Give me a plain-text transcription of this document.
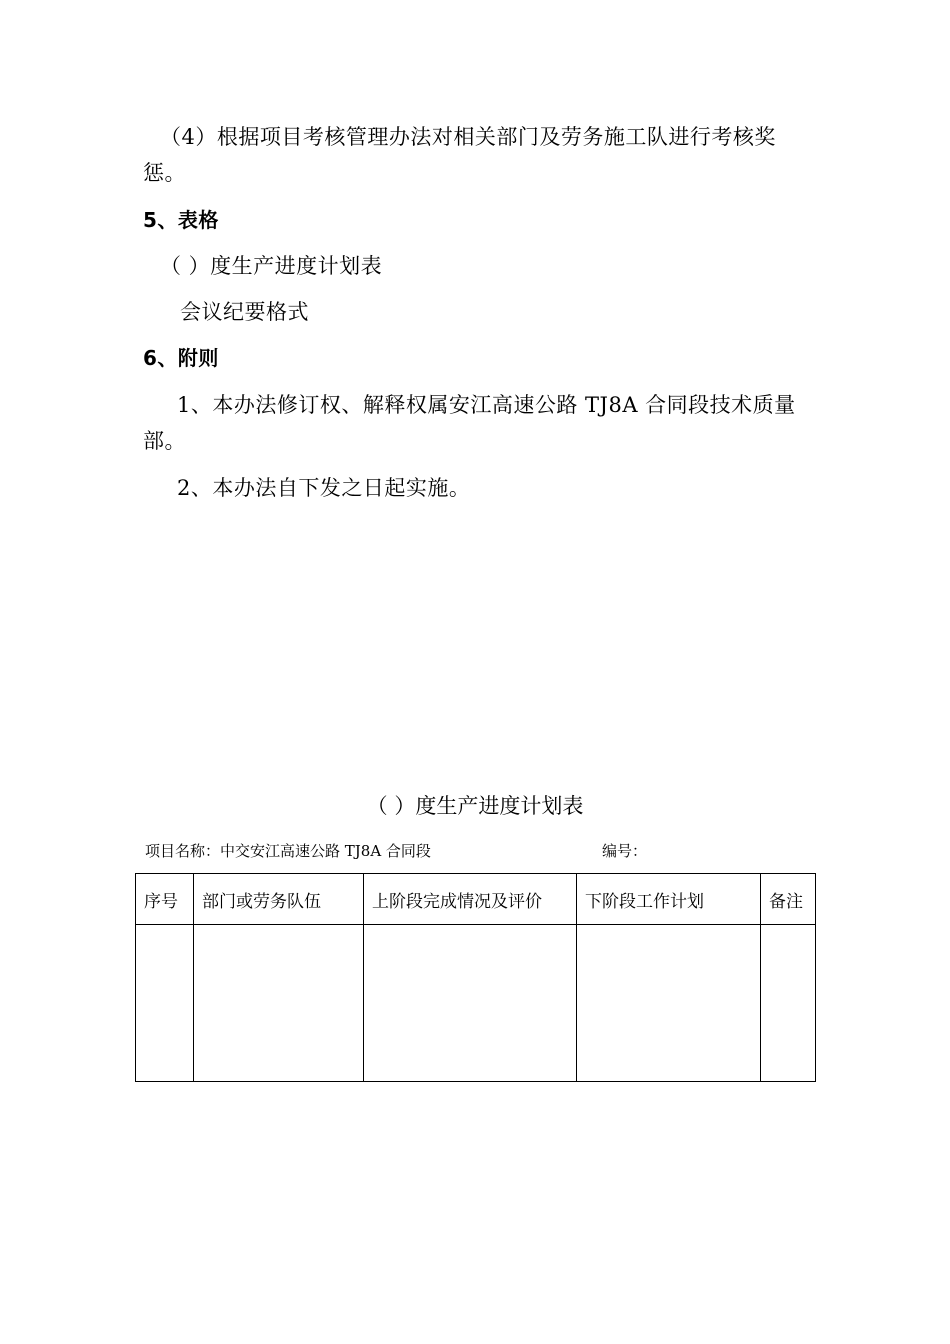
（4）根据项目考核管理办法对相关部门及劳务施工队进行考核奖
惩。
5、表格
（ ）度生产进度计划表
会议纪要格式
6、附则
1、本办法修订权、解释权属安江高速公路 TJ8A 合同段技术质量
部。
2、本办法自下发之日起实施。
（ ）度生产进度计划表
项目名称：中交安江高速公路 TJ8A 合同段	编号：
序号	部门或劳务队伍	上阶段完成情况及评价	下阶段工作计划	备注
